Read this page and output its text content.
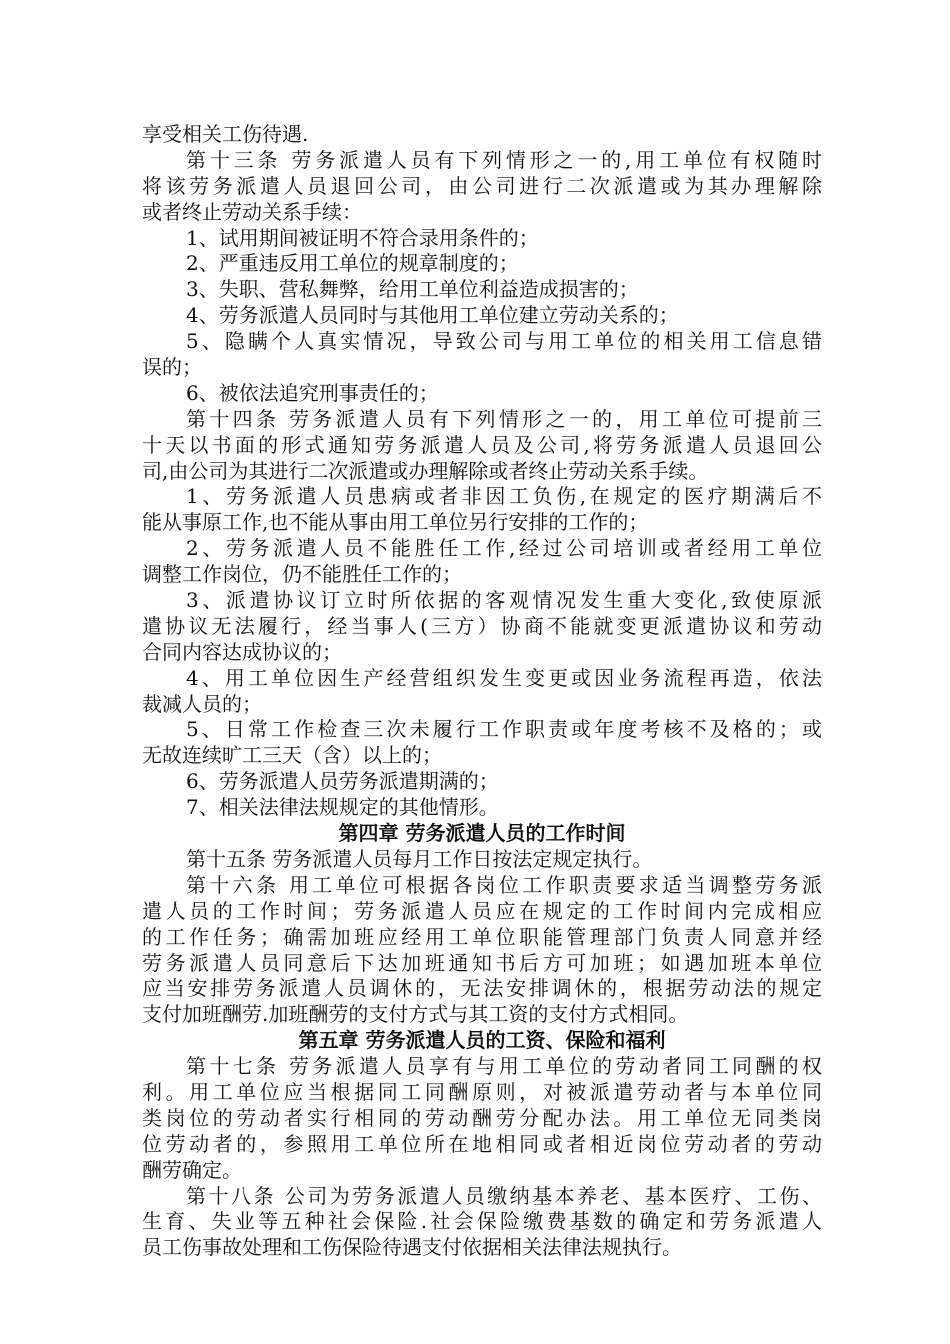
享受相关工伤待遇.
第十三条 劳务派遣人员有下列情形之一的,用工单位有权随时
将该劳务派遣人员退回公司，由公司进行二次派遣或为其办理解除
或者终止劳动关系手续：
1、试用期间被证明不符合录用条件的；
2、严重违反用工单位的规章制度的；
3、失职、营私舞弊，给用工单位利益造成损害的；
4、劳务派遣人员同时与其他用工单位建立劳动关系的；
5、隐瞒个人真实情况，导致公司与用工单位的相关用工信息错
误的；
6、被依法追究刑事责任的；
第十四条 劳务派遣人员有下列情形之一的，用工单位可提前三
十天以书面的形式通知劳务派遣人员及公司,将劳务派遣人员退回公
司,由公司为其进行二次派遣或办理解除或者终止劳动关系手续。
1、劳务派遣人员患病或者非因工负伤,在规定的医疗期满后不
能从事原工作,也不能从事由用工单位另行安排的工作的；
2、劳务派遣人员不能胜任工作,经过公司培训或者经用工单位
调整工作岗位，仍不能胜任工作的；
3、派遣协议订立时所依据的客观情况发生重大变化,致使原派
遣协议无法履行，经当事人(三方）协商不能就变更派遣协议和劳动
合同内容达成协议的；
4、用工单位因生产经营组织发生变更或因业务流程再造，依法
裁减人员的；
5、日常工作检查三次未履行工作职责或年度考核不及格的；或
无故连续旷工三天（含）以上的；
6、劳务派遣人员劳务派遣期满的；
7、相关法律法规规定的其他情形。
第四章 劳务派遣人员的工作时间
第十五条 劳务派遣人员每月工作日按法定规定执行。
第十六条 用工单位可根据各岗位工作职责要求适当调整劳务派
遣人员的工作时间；劳务派遣人员应在规定的工作时间内完成相应
的工作任务；确需加班应经用工单位职能管理部门负责人同意并经
劳务派遣人员同意后下达加班通知书后方可加班；如遇加班本单位
应当安排劳务派遣人员调休的，无法安排调休的，根据劳动法的规定
支付加班酬劳.加班酬劳的支付方式与其工资的支付方式相同。
第五章 劳务派遣人员的工资、保险和福利
第十七条 劳务派遣人员享有与用工单位的劳动者同工同酬的权
利。用工单位应当根据同工同酬原则，对被派遣劳动者与本单位同
类岗位的劳动者实行相同的劳动酬劳分配办法。用工单位无同类岗
位劳动者的，参照用工单位所在地相同或者相近岗位劳动者的劳动
酬劳确定。
第十八条 公司为劳务派遣人员缴纳基本养老、基本医疗、工伤、
生育、失业等五种社会保险.社会保险缴费基数的确定和劳务派遣人
员工伤事故处理和工伤保险待遇支付依据相关法律法规执行。
